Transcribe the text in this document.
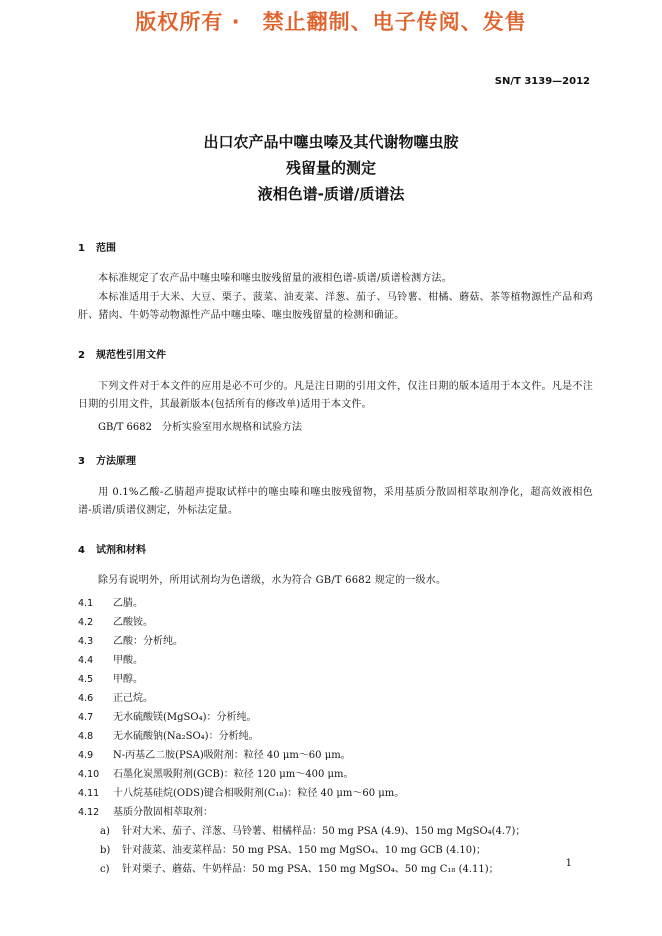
版权所有 ·　禁止翻制、电子传阅、发售
SN/T 3139—2012
出口农产品中噻虫嗪及其代谢物噻虫胺
残留量的测定
液相色谱-质谱/质谱法
1 范围

本标准规定了农产品中噻虫嗪和噻虫胺残留量的液相色谱-质谱/质谱检测方法。

本标准适用于大米、大豆、栗子、菠菜、油麦菜、洋葱、茄子、马铃薯、柑橘、蘑菇、茶等植物源性产品和鸡肝、猪肉、牛奶等动物源性产品中噻虫嗪、噻虫胺残留量的检测和确证。

2 规范性引用文件

下列文件对于本文件的应用是必不可少的。凡是注日期的引用文件，仅注日期的版本适用于本文件。凡是不注日期的引用文件，其最新版本(包括所有的修改单)适用于本文件。

GB/T 6682　分析实验室用水规格和试验方法
3 方法原理

用 0.1%乙酸-乙腈超声提取试样中的噻虫嗪和噻虫胺残留物，采用基质分散固相萃取剂净化，超高效液相色谱-质谱/质谱仪测定，外标法定量。

4 试剂和材料

除另有说明外，所用试剂均为色谱级，水为符合 GB/T 6682 规定的一级水。

4.1 乙腈。
4.2 乙酸铵。
4.3 乙酸：分析纯。
4.4 甲酸。
4.5 甲醇。
4.6 正己烷。
4.7 无水硫酸镁(MgSO₄)：分析纯。
4.8 无水硫酸钠(Na₂SO₄)：分析纯。
4.9 N-丙基乙二胺(PSA)吸附剂：粒径 40 μm～60 μm。
4.10 石墨化炭黑吸附剂(GCB)：粒径 120 μm～400 μm。
4.11 十八烷基硅烷(ODS)键合相吸附剂(C₁₈)：粒径 40 μm～60 μm。
4.12 基质分散固相萃取剂：
a) 针对大米、茄子、洋葱、马铃薯、柑橘样品：50 mg PSA (4.9)、150 mg MgSO₄(4.7)；
b) 针对菠菜、油麦菜样品：50 mg PSA、150 mg MgSO₄、10 mg GCB (4.10)；
c) 针对栗子、蘑菇、牛奶样品：50 mg PSA、150 mg MgSO₄、50 mg C₁₈ (4.11)；
1
